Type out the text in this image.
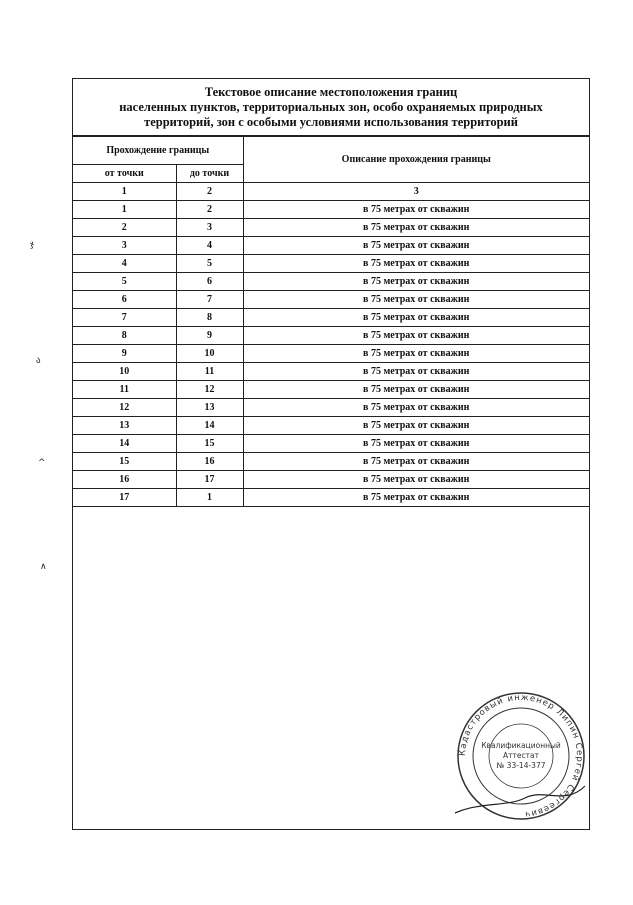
ჯ
ა
^
∧
Текстовое описание местоположения границ
населенных пунктов, территориальных зон, особо охраняемых природных
территорий, зон с особыми условиями использования территорий
Прохождение границы		Описание прохождения границы
от точки	до точки	
1	2	3
1	2	в 75 метрах от скважин
2	3	в 75 метрах от скважин
3	4	в 75 метрах от скважин
4	5	в 75 метрах от скважин
5	6	в 75 метрах от скважин
6	7	в 75 метрах от скважин
7	8	в 75 метрах от скважин
8	9	в 75 метрах от скважин
9	10	в 75 метрах от скважин
10	11	в 75 метрах от скважин
11	12	в 75 метрах от скважин
12	13	в 75 метрах от скважин
13	14	в 75 метрах от скважин
14	15	в 75 метрах от скважин
15	16	в 75 метрах от скважин
16	17	в 75 метрах от скважин
17	1	в 75 метрах от скважин
Кадастровый инженер Липин Сергей Сергеевич
Квалификационный
Аттестат
№ 33-14-377
